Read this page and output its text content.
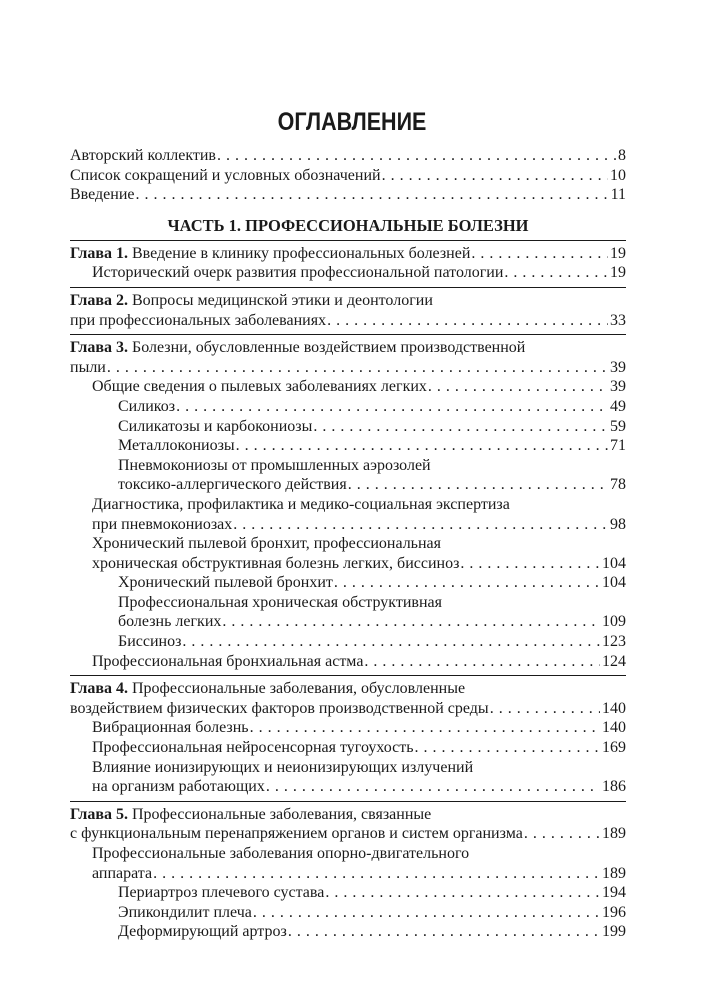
ОГЛАВЛЕНИЕ
Авторский коллектив . . .	8
Список сокращений и условных обозначений . . .	10
Введение . . .	11
ЧАСТЬ 1. ПРОФЕССИОНАЛЬНЫЕ БОЛЕЗНИ
Глава 1. Введение в клинику профессиональных болезней . . .	19
Исторический очерк развития профессиональной патологии . . .	19
Глава 2. Вопросы медицинской этики и деонтологии
при профессиональных заболеваниях . . .	33
Глава 3. Болезни, обусловленные воздействием производственной
пыли . . .	39
Общие сведения о пылевых заболеваниях легких . . .	39
Силикоз . . .	49
Силикатозы и карбокониозы . . .	59
Металлокониозы . . .	71
Пневмокониозы от промышленных аэрозолей
токсико-аллергического действия . . .	78
Диагностика, профилактика и медико-социальная экспертиза
при пневмокониозах . . .	98
Хронический пылевой бронхит, профессиональная
хроническая обструктивная болезнь легких, биссиноз . . .	104
Хронический пылевой бронхит . . .	104
Профессиональная хроническая обструктивная
болезнь легких . . .	109
Биссиноз . . .	123
Профессиональная бронхиальная астма . . .	124
Глава 4. Профессиональные заболевания, обусловленные
воздействием физических факторов производственной среды . . .	140
Вибрационная болезнь . . .	140
Профессиональная нейросенсорная тугоухость . . .	169
Влияние ионизирующих и неионизирующих излучений
на организм работающих . . .	186
Глава 5. Профессиональные заболевания, связанные
с функциональным перенапряжением органов и систем организма . . .	189
Профессиональные заболевания опорно-двигательного
аппарата . . .	189
Периартроз плечевого сустава . . .	194
Эпикондилит плеча . . .	196
Деформирующий артроз . . .	199
